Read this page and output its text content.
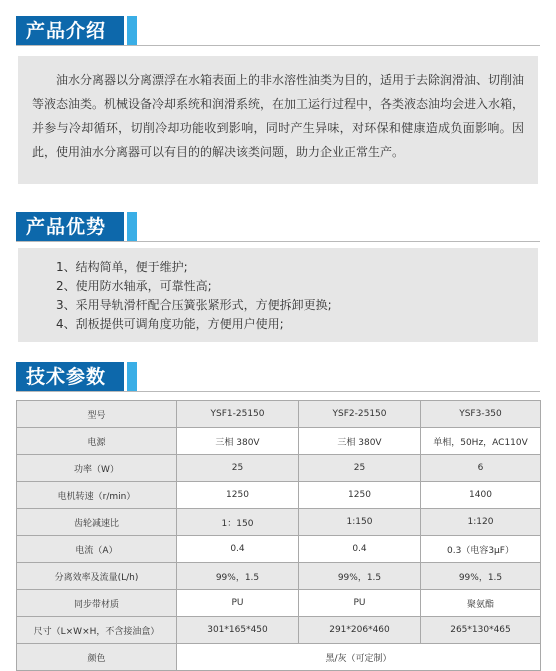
产品介绍

油水分离器以分离漂浮在水箱表面上的非水溶性油类为目的，适用于去除润滑油、切削油等液态油类。机械设备冷却系统和润滑系统，在加工运行过程中，各类液态油均会进入水箱，并参与冷却循环，切削冷却功能收到影响，同时产生异味，对环保和健康造成负面影响。因此，使用油水分离器可以有目的的解决该类问题，助力企业正常生产。

产品优势
1、结构简单，便于维护;
2、使用防水轴承，可靠性高;
3、采用导轨滑杆配合压簧张紧形式，方便拆卸更换;
4、刮板提供可调角度功能，方便用户使用;
技术参数
型号	YSF1-25150	YSF2-25150	YSF3-350
电源	三相 380V	三相 380V	单相，50Hz，AC110V
功率（W）	25	25	6
电机转速（r/min）	1250	1250	1400
齿轮减速比	1：150	1:150	1:120
电流（A）	0.4	0.4	0.3（电容3μF）
分离效率及流量(L/h)	99%，1.5	99%，1.5	99%，1.5
同步带材质	PU	PU	聚氨酯
尺寸（L×W×H，不含接油盒）	301*165*450	291*206*460	265*130*465
颜色	黑/灰（可定制）		
